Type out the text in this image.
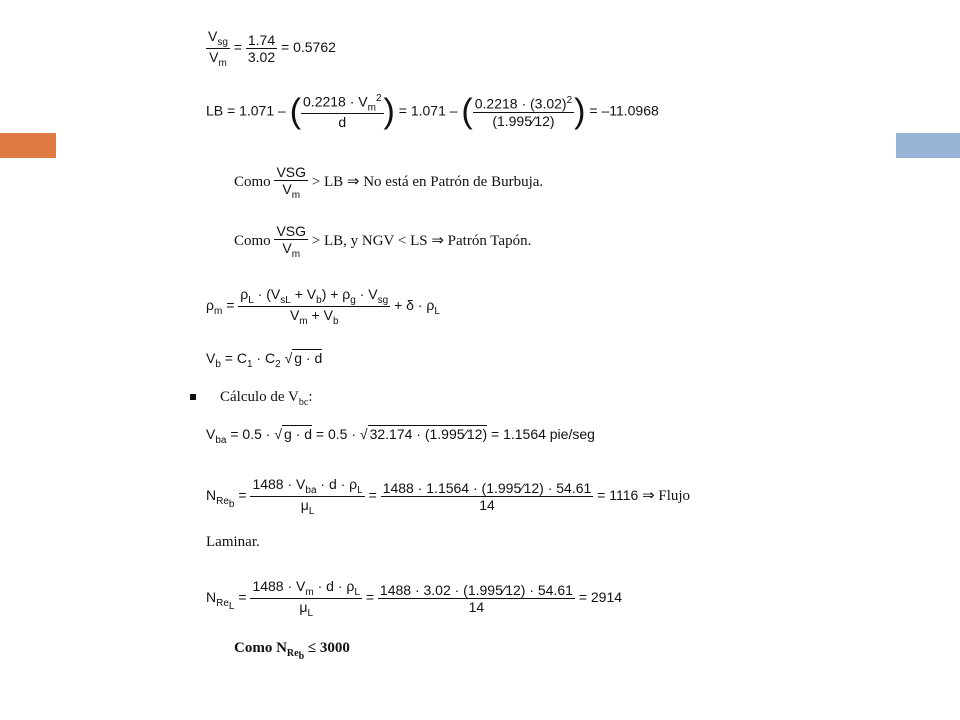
$\frac{V_{sg}}{V_m} = \frac{1.74}{3.02} = 0.5762$
LB = 1.071 – ( $\frac{0.2218 \cdot V_m^2}{d}$ ) = 1.071 – ( $\frac{0.2218 \cdot (3.02)^2}{(1.995⁄12)}$ ) = –11.0968
Como $\frac{\text{VSG}}{V_m}$ > LB ⇒ No está en Patrón de Burbuja.
Como $\frac{\text{VSG}}{V_m}$ > LB, y NGV < LS ⇒ Patrón Tapón.
$\rho_m = \frac{\rho_L \cdot (V_{sL} + V_b) + \rho_g \cdot V_{sg}}{V_m + V_b} + \delta \cdot \rho_L$
$V_b = C_1 \cdot C_2$ √ g · d
Cálculo de $V_{bc}$:
$V_{ba} = 0.5$ · √ g · d = 0.5 · √ 32.174 · (1.995⁄12) = 1.1564 pie/seg
$N_{Re_b} = \frac{1488 \cdot V_{ba} \cdot d \cdot \rho_L}{\mu_L} = \frac{1488 \cdot 1.1564 \cdot (1.995⁄12) \cdot 54.61}{14} = 1116$ ⇒ Flujo
Laminar.
$N_{Re_L} = \frac{1488 \cdot V_m \cdot d \cdot \rho_L}{\mu_L} = \frac{1488 \cdot 3.02 \cdot (1.995⁄12) \cdot 54.61}{14} = 2914$
Como $N_{Re_b} \le 3000$
